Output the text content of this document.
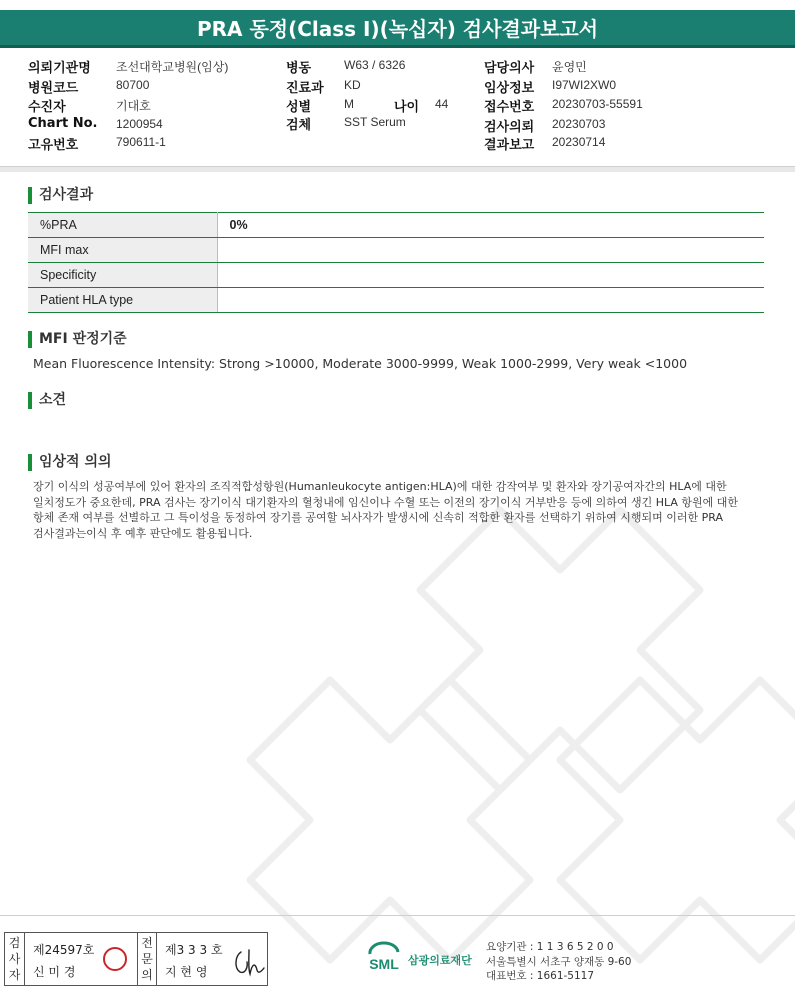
PRA 동정(Class I)(녹십자) 검사결과보고서
의뢰기관명 조선대학교병원(임상)
병원코드	80700
수진자	기대호
Chart No. 1200954
고유번호	790611-1
병동	W63 / 6326
진료과 KD
성별	M	나이 44
검체	SST Serum
담당의사 윤영민
임상정보 I97WI2XW0
접수번호 20230703-55591
검사의뢰 20230703
결과보고 20230714
검사결과
%PRA	0%
MFI max	
Specificity	
Patient HLA type	
MFI 판정기준
Mean Fluorescence Intensity: Strong >10000, Moderate 3000-9999, Weak 1000-2999, Very weak <1000
소견
임상적 의의
장기 이식의 성공여부에 있어 환자의 조직적합성항원(Humanleukocyte antigen:HLA)에 대한 감작여부 및 환자와 장기공여자간의 HLA에 대한
일치정도가 중요한데, PRA 검사는 장기이식 대기환자의 혈청내에 임신이나 수혈 또는 이전의 장기이식 거부반응 등에 의하여 생긴 HLA 항원에 대한
항체 존재 여부를 선별하고 그 특이성을 동정하여 장기를 공여할 뇌사자가 발생시에 신속히 적합한 환자를 선택하기 위하여 시행되며 이러한 PRA
검사결과는이식 후 예후 판단에도 활용됩니다.
검사자
제24597호
신 미 경
전문의
제3 3 3 호
지 현 영	SML 삼광의료재단
요양기관 : 1 1 3 6 5 2 0 0
서울특별시 서초구 양재동 9-60
대표번호 : 1661-5117
